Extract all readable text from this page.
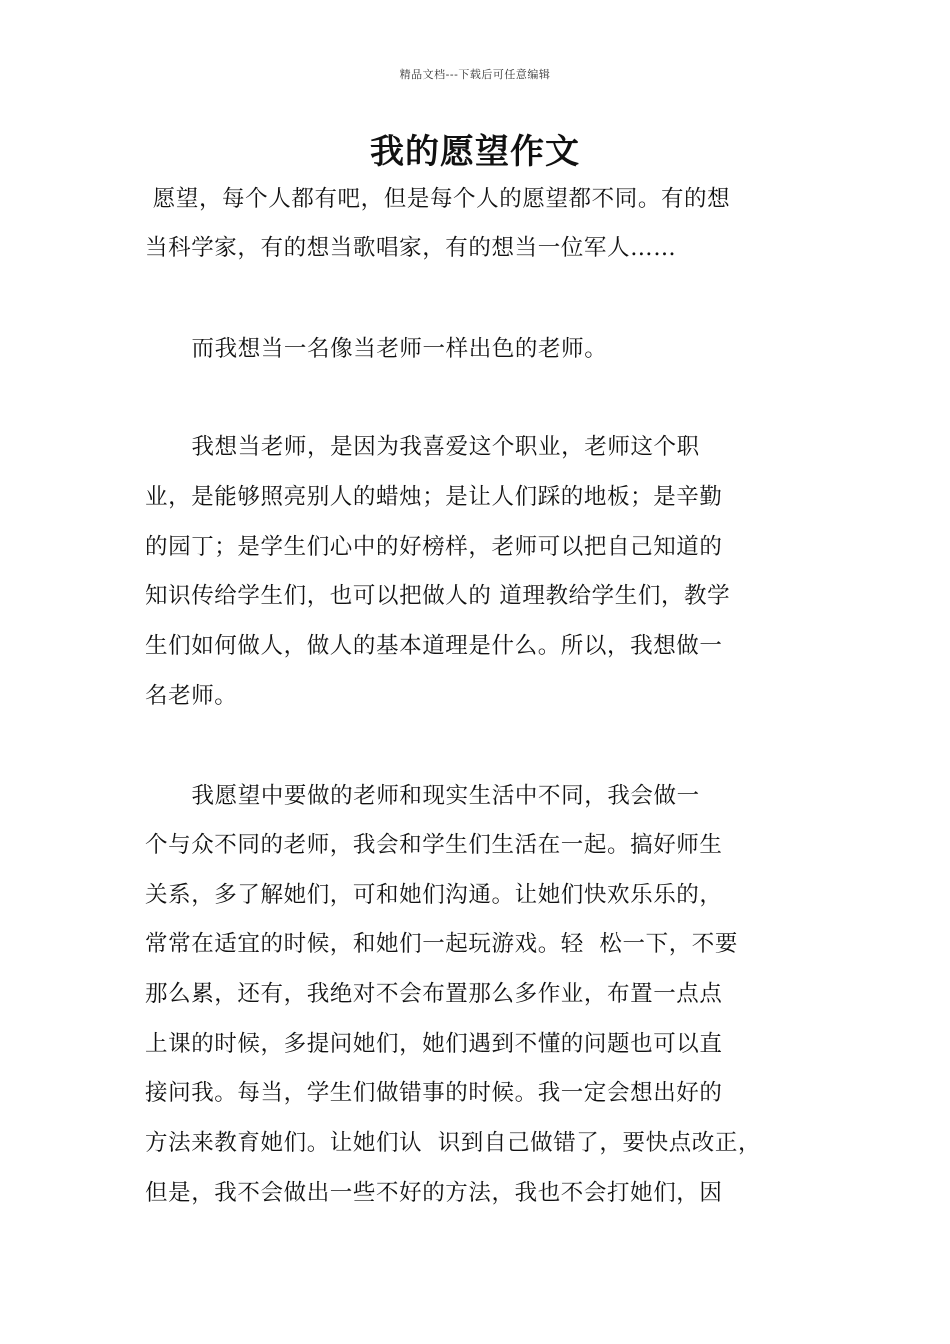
精品文档---下载后可任意编辑
我的愿望作文
愿望，每个人都有吧，但是每个人的愿望都不同。有的想
当科学家，有的想当歌唱家，有的想当一位军人……
而我想当一名像当老师一样出色的老师。
我想当老师，是因为我喜爱这个职业，老师这个职
业，是能够照亮别人的蜡烛；是让人们踩的地板；是辛勤
的园丁；是学生们心中的好榜样，老师可以把自己知道的
知识传给学生们，也可以把做人的 道理教给学生们，教学
生们如何做人，做人的基本道理是什么。所以，我想做一
名老师。
我愿望中要做的老师和现实生活中不同，我会做一
个与众不同的老师，我会和学生们生活在一起。搞好师生
关系，多了解她们，可和她们沟通。让她们快欢乐乐的，
常常在适宜的时候，和她们一起玩游戏。轻  松一下，不要
那么累，还有，我绝对不会布置那么多作业，布置一点点
上课的时候，多提问她们，她们遇到不懂的问题也可以直
接问我。每当，学生们做错事的时候。我一定会想出好的
方法来教育她们。让她们认  识到自己做错了，要快点改正，
但是，我不会做出一些不好的方法，我也不会打她们，因
